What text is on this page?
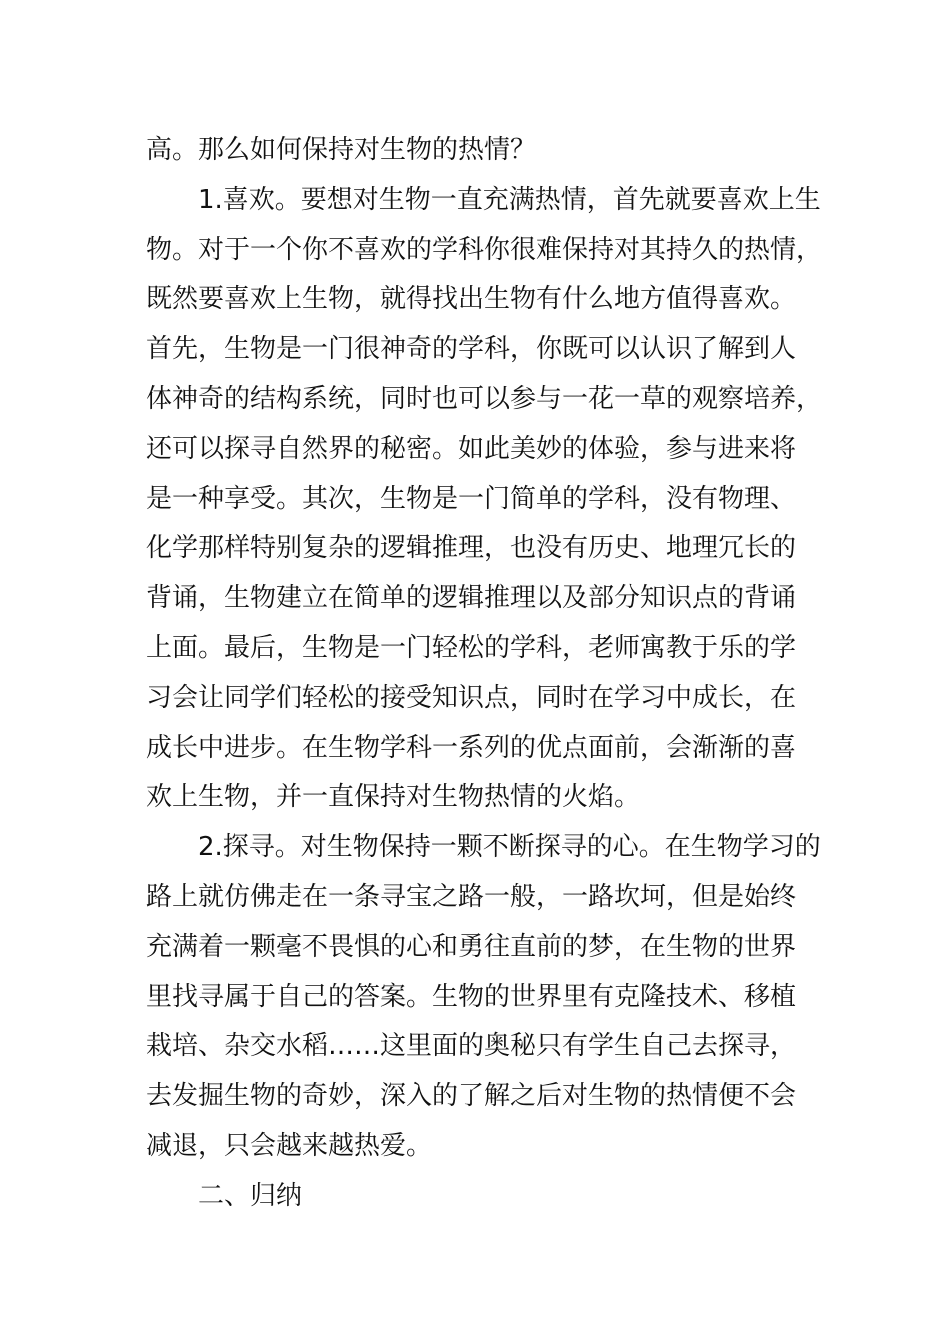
高。那么如何保持对生物的热情？
1.喜欢。要想对生物一直充满热情，首先就要喜欢上生
物。对于一个你不喜欢的学科你很难保持对其持久的热情，
既然要喜欢上生物，就得找出生物有什么地方值得喜欢。
首先，生物是一门很神奇的学科，你既可以认识了解到人
体神奇的结构系统，同时也可以参与一花一草的观察培养，
还可以探寻自然界的秘密。如此美妙的体验，参与进来将
是一种享受。其次，生物是一门简单的学科，没有物理、
化学那样特别复杂的逻辑推理，也没有历史、地理冗长的
背诵，生物建立在简单的逻辑推理以及部分知识点的背诵
上面。最后，生物是一门轻松的学科，老师寓教于乐的学
习会让同学们轻松的接受知识点，同时在学习中成长，在
成长中进步。在生物学科一系列的优点面前，会渐渐的喜
欢上生物，并一直保持对生物热情的火焰。
2.探寻。对生物保持一颗不断探寻的心。在生物学习的
路上就仿佛走在一条寻宝之路一般，一路坎坷，但是始终
充满着一颗毫不畏惧的心和勇往直前的梦，在生物的世界
里找寻属于自己的答案。生物的世界里有克隆技术、移植
栽培、杂交水稻……这里面的奥秘只有学生自己去探寻，
去发掘生物的奇妙，深入的了解之后对生物的热情便不会
减退，只会越来越热爱。
二、归纳
